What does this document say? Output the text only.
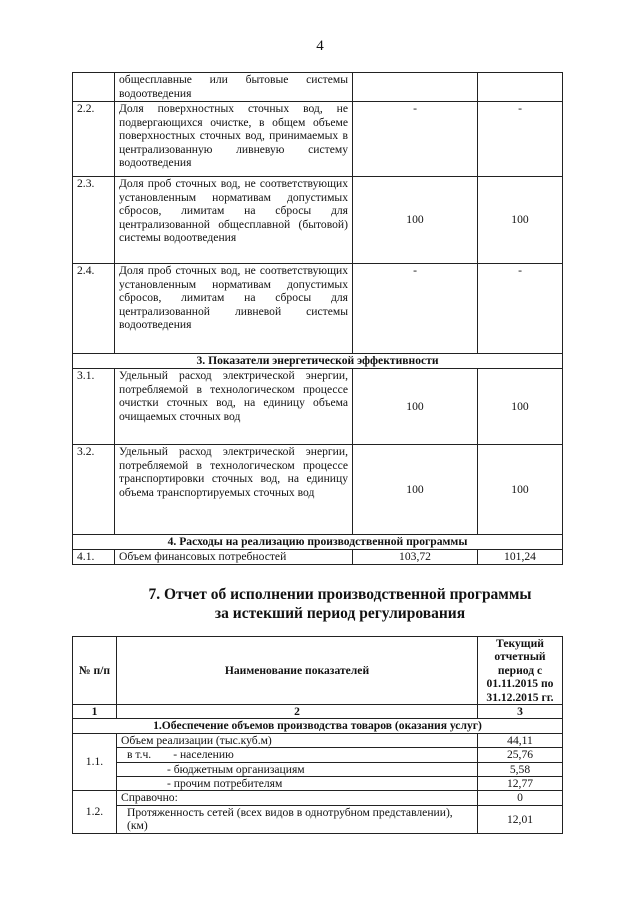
4
	общесплавные или бытовые системы водоотведения		
2.2.	Доля поверхностных сточных вод, не подвергающихся очистке, в общем объеме поверхностных сточных вод, принимаемых в централизованную ливневую систему водоотведения	-	-
2.3.	Доля проб сточных вод, не соответствующих установленным нормативам допустимых сбросов, лимитам на сбросы для централизованной общесплавной (бытовой) системы водоотведения	100	100
2.4.	Доля проб сточных вод, не соответствующих установленным нормативам допустимых сбросов, лимитам на сбросы для централизованной ливневой системы водоотведения	-	-
3. Показатели энергетической эффективности			
3.1.	Удельный расход электрической энергии, потребляемой в технологическом процессе очистки сточных вод, на единицу объема очищаемых сточных вод	100	100
3.2.	Удельный расход электрической энергии, потребляемой в технологическом процессе транспортировки сточных вод, на единицу объема транспортируемых сточных вод	100	100
4. Расходы на реализацию производственной программы			
4.1.	Объем финансовых потребностей	103,72	101,24
7. Отчет об исполнении производственной программы
за истекший период регулирования
№ п/п	Наименование показателей	Текущий отчетный период с 01.11.2015 по 31.12.2015 гг.
1	2	3
1.Обеспечение объемов производства товаров (оказания услуг)		
1.1.	Объем реализации (тыс.куб.м)	44,11
	в т.ч. - населению	25,76
	- бюджетным организациям	5,58
	- прочим потребителям	12,77
1.2.	Справочно:	0
	Протяженность сетей (всех видов в однотрубном представлении), (км)	12,01
